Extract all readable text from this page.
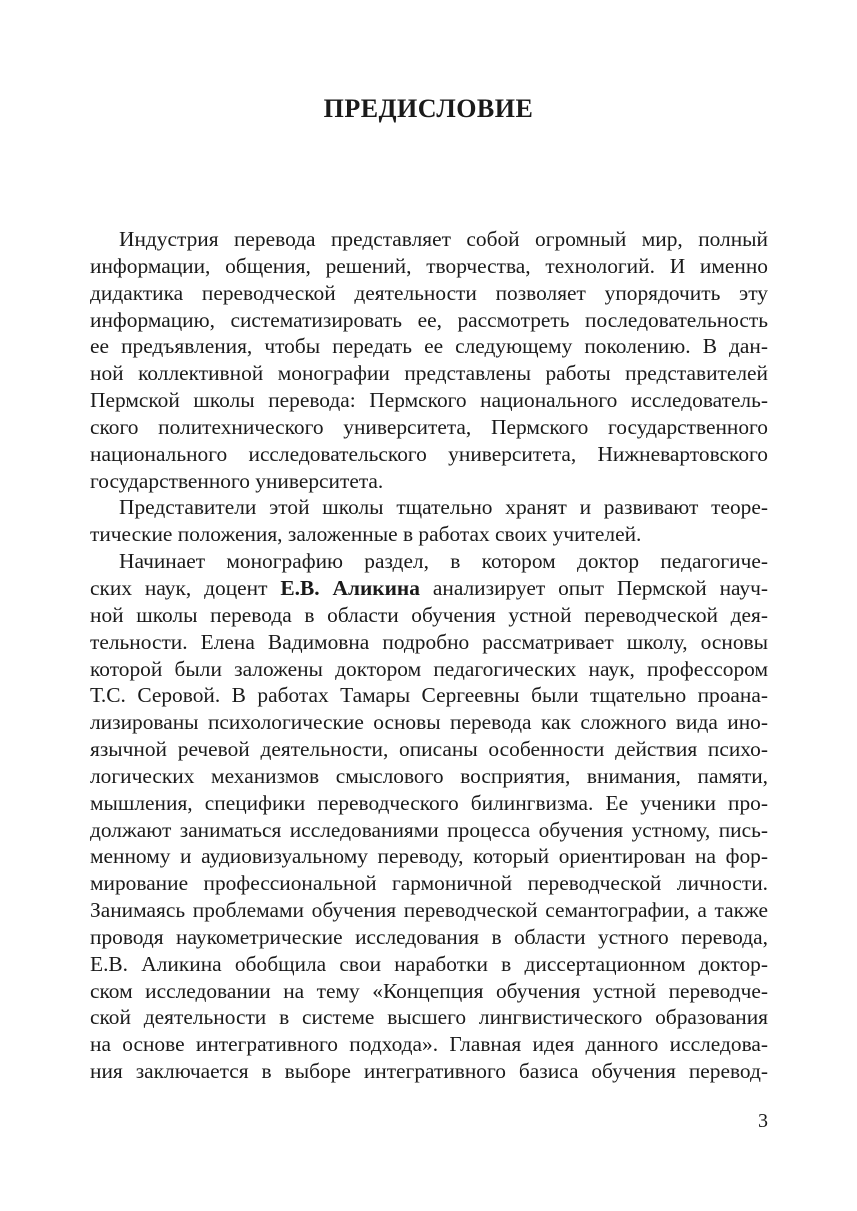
ПРЕДИСЛОВИЕ
Индустрия перевода представляет собой огромный мир, полный
информации, общения, решений, творчества, технологий. И именно
дидактика переводческой деятельности позволяет упорядочить эту
информацию, систематизировать ее, рассмотреть последовательность
ее предъявления, чтобы передать ее следующему поколению. В дан-
ной коллективной монографии представлены работы представителей
Пермской школы перевода: Пермского национального исследователь-
ского политехнического университета, Пермского государственного
национального исследовательского университета, Нижневартовского
государственного университета.
Представители этой школы тщательно хранят и развивают теоре-
тические положения, заложенные в работах своих учителей.
Начинает монографию раздел, в котором доктор педагогиче-
ских наук, доцент Е.В. Аликина анализирует опыт Пермской науч-
ной школы перевода в области обучения устной переводческой дея-
тельности. Елена Вадимовна подробно рассматривает школу, основы
которой были заложены доктором педагогических наук, профессором
Т.С. Серовой. В работах Тамары Сергеевны были тщательно проана-
лизированы психологические основы перевода как сложного вида ино-
язычной речевой деятельности, описаны особенности действия психо-
логических механизмов смыслового восприятия, внимания, памяти,
мышления, специфики переводческого билингвизма. Ее ученики про-
должают заниматься исследованиями процесса обучения устному, пись-
менному и аудиовизуальному переводу, который ориентирован на фор-
мирование профессиональной гармоничной переводческой личности.
Занимаясь проблемами обучения переводческой семантографии, а также
проводя наукометрические исследования в области устного перевода,
Е.В. Аликина обобщила свои наработки в диссертационном доктор-
ском исследовании на тему «Концепция обучения устной переводче-
ской деятельности в системе высшего лингвистического образования
на основе интегративного подхода». Главная идея данного исследова-
ния заключается в выборе интегративного базиса обучения перевод-
3
